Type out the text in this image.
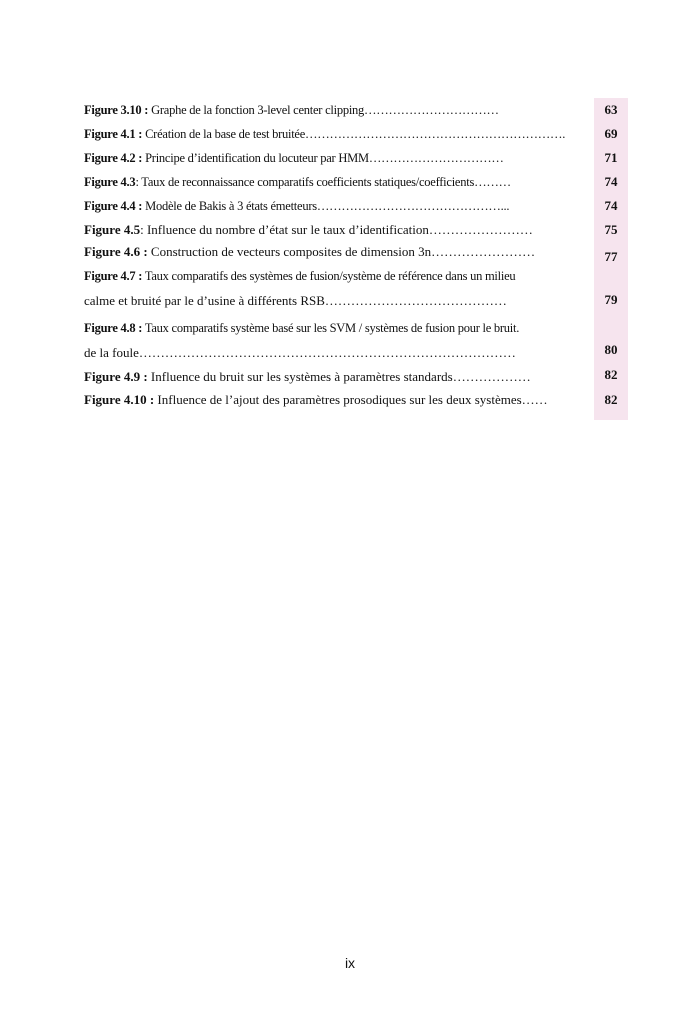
Figure 3.10 : Graphe de la fonction 3-level center clipping……………………………	63
Figure 4.1 : Création de la base de test bruitée……………………………………………………….	69
Figure 4.2 : Principe d’identification du locuteur par HMM……………………………	71
Figure 4.3: Taux de reconnaissance comparatifs coefficients statiques/coefficients………	74
Figure 4.4 : Modèle de Bakis à 3 états émetteurs………………………………………...	74
Figure 4.5: Influence du nombre d’état sur le taux d’identification……………………	75
Figure 4.6 : Construction de vecteurs composites de dimension 3n……………………	77
Figure 4.7 : Taux comparatifs des systèmes de fusion/système de référence dans un milieu
calme et bruité par le d’usine à différents RSB……………………………………	79
Figure 4.8 : Taux comparatifs système basé sur les SVM / systèmes de fusion pour le bruit.
de la foule……………………………………………………………………………	80
Figure 4.9 : Influence du bruit sur les systèmes à paramètres standards………………	82
Figure 4.10 : Influence de l’ajout des paramètres prosodiques sur les deux systèmes……	82
ix
